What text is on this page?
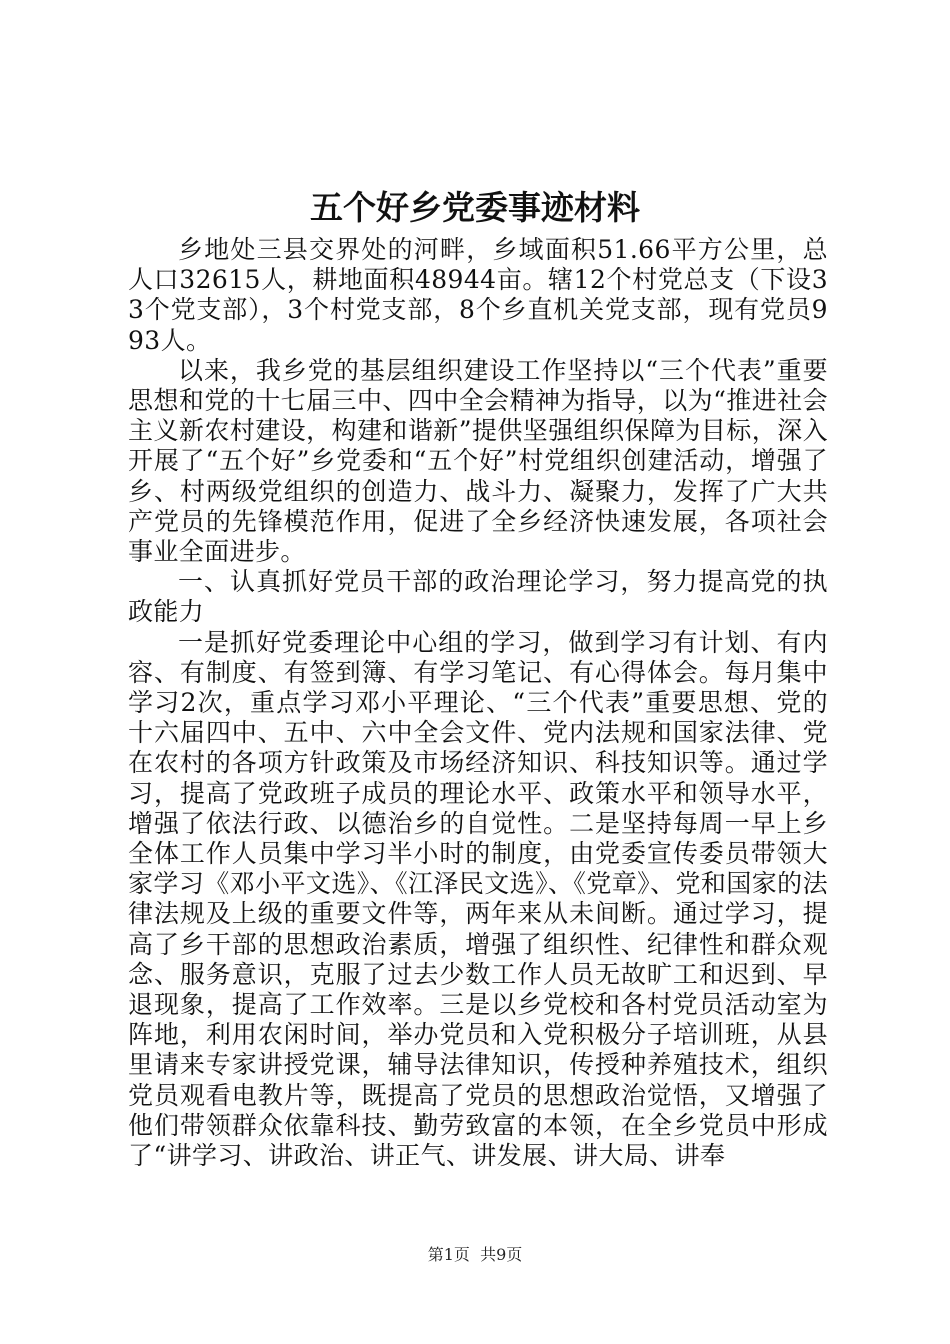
五个好乡党委事迹材料

乡地处三县交界处的河畔，乡域面积51.66平方公里，总人口32615人，耕地面积48944亩。辖12个村党总支（下设33个党支部），3个村党支部，8个乡直机关党支部，现有党员993人。

以来，我乡党的基层组织建设工作坚持以“三个代表”重要思想和党的十七届三中、四中全会精神为指导，以为“推进社会主义新农村建设，构建和谐新”提供坚强组织保障为目标，深入开展了“五个好”乡党委和“五个好”村党组织创建活动，增强了乡、村两级党组织的创造力、战斗力、凝聚力，发挥了广大共产党员的先锋模范作用，促进了全乡经济快速发展，各项社会事业全面进步。

一、认真抓好党员干部的政治理论学习，努力提高党的执政能力

一是抓好党委理论中心组的学习，做到学习有计划、有内容、有制度、有签到簿、有学习笔记、有心得体会。每月集中学习2次，重点学习邓小平理论、“三个代表”重要思想、党的十六届四中、五中、六中全会文件、党内法规和国家法律、党在农村的各项方针政策及市场经济知识、科技知识等。通过学习，提高了党政班子成员的理论水平、政策水平和领导水平，增强了依法行政、以德治乡的自觉性。二是坚持每周一早上乡全体工作人员集中学习半小时的制度，由党委宣传委员带领大家学习《邓小平文选》、《江泽民文选》、《党章》、党和国家的法律法规及上级的重要文件等，两年来从未间断。通过学习，提高了乡干部的思想政治素质，增强了组织性、纪律性和群众观念、服务意识，克服了过去少数工作人员无故旷工和迟到、早退现象，提高了工作效率。三是以乡党校和各村党员活动室为阵地，利用农闲时间，举办党员和入党积极分子培训班，从县里请来专家讲授党课，辅导法律知识，传授种养殖技术，组织党员观看电教片等，既提高了党员的思想政治觉悟，又增强了他们带领群众依靠科技、勤劳致富的本领，在全乡党员中形成了“讲学习、讲政治、讲正气、讲发展、讲大局、讲奉

第1页 共9页
